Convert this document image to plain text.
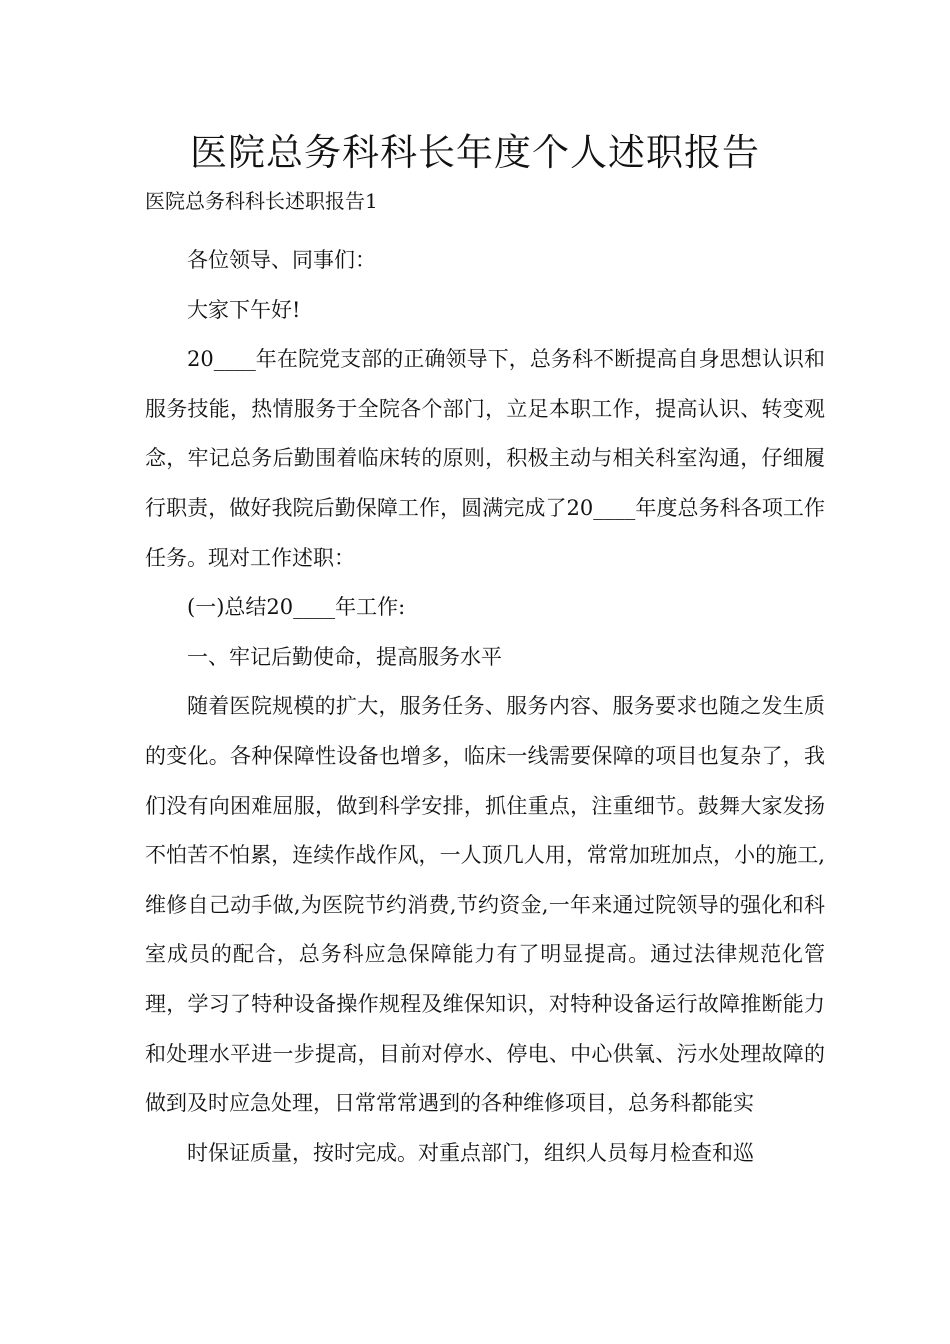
医院总务科科长年度个人述职报告

医院总务科科长述职报告1

各位领导、同事们：

大家下午好!

20____年在院党支部的正确领导下，总务科不断提高自身思想认识和服务技能，热情服务于全院各个部门，立足本职工作，提高认识、转变观念，牢记总务后勤围着临床转的原则，积极主动与相关科室沟通，仔细履行职责，做好我院后勤保障工作，圆满完成了20____年度总务科各项工作任务。现对工作述职：

(一)总结20____年工作:

一、牢记后勤使命，提高服务水平

随着医院规模的扩大，服务任务、服务内容、服务要求也随之发生质的变化。各种保障性设备也增多，临床一线需要保障的项目也复杂了，我们没有向困难屈服，做到科学安排，抓住重点，注重细节。鼓舞大家发扬不怕苦不怕累，连续作战作风，一人顶几人用，常常加班加点，小的施工,维修自己动手做,为医院节约消费,节约资金,一年来通过院领导的强化和科室成员的配合，总务科应急保障能力有了明显提高。通过法律规范化管理，学习了特种设备操作规程及维保知识，对特种设备运行故障推断能力和处理水平进一步提高，目前对停水、停电、中心供氧、污水处理故障的做到及时应急处理，日常常常遇到的各种维修项目，总务科都能实

时保证质量，按时完成。对重点部门，组织人员每月检查和巡
